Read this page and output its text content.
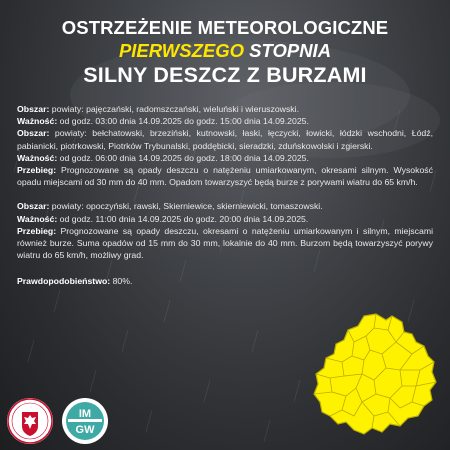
OSTRZEŻENIE METEOROLOGICZNE
PIERWSZEGO STOPNIA
SILNY DESZCZ Z BURZAMI

Obszar: powiaty: pajęczański, radomszczański, wieluński i wieruszowski.

Ważność: od godz. 03:00 dnia 14.09.2025 do godz. 15:00 dnia 14.09.2025.

Obszar: powiaty: bełchatowski, brzeziński, kutnowski, łaski, łęczycki, łowicki, łódzki wschodni, Łódź, pabianicki, piotrkowski, Piotrków Trybunalski, poddębicki, sieradzki, zduńskowolski i zgierski.

Ważność: od godz. 06:00 dnia 14.09.2025 do godz. 18:00 dnia 14.09.2025.

Przebieg: Prognozowane są opady deszczu o natężeniu umiarkowanym, okresami silnym. Wysokość opadu miejscami od 30 mm do 40 mm. Opadom towarzyszyć będą burze z porywami wiatru do 65 km/h.

Obszar: powiaty: opoczyński, rawski, Skierniewice, skierniewicki, tomaszowski.

Ważność: od godz. 11:00 dnia 14.09.2025 do godz. 20:00 dnia 14.09.2025.

Przebieg: Prognozowane są opady deszczu, okresami o natężeniu umiarkowanym i silnym, miejscami również burze. Suma opadów od 15 mm do 30 mm, lokalnie do 40 mm. Burzom będą towarzyszyć porywy wiatru do 65 km/h, możliwy grad.

Prawdopodobieństwo: 80%.

IM
GW
